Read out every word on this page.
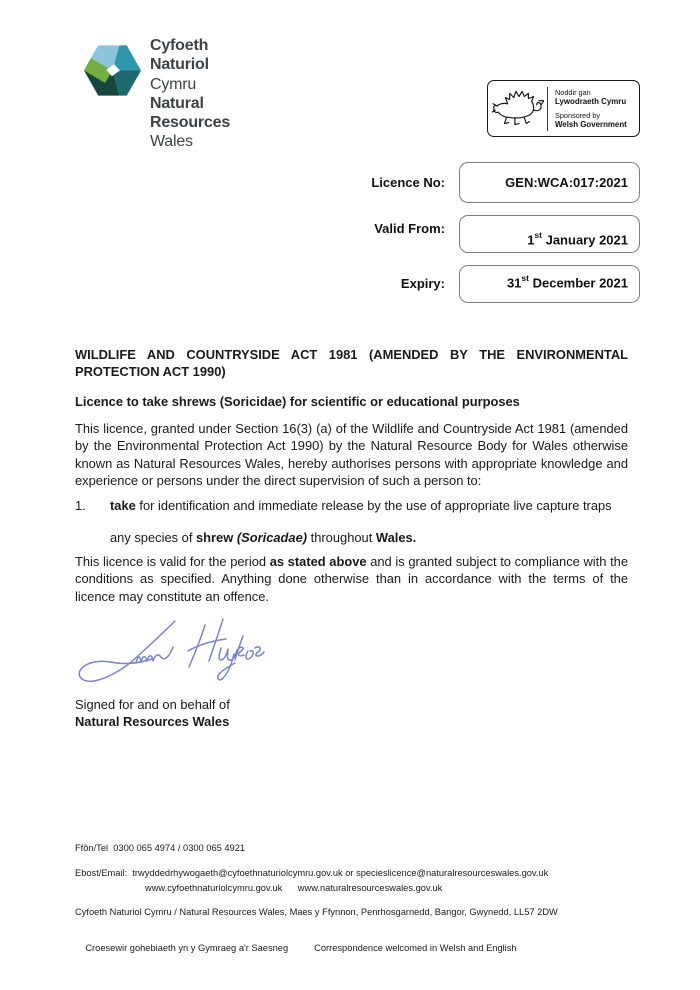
Cyfoeth
Naturiol
Cymru
Natural
Resources
Wales
Noddir gan
Lywodraeth Cymru
Sponsored by
Welsh Government
Licence No:	GEN:WCA:017:2021
Valid From:
1st January 2021
Expiry:	31st December 2021
WILDLIFE AND COUNTRYSIDE ACT 1981 (AMENDED BY THE ENVIRONMENTAL PROTECTION ACT 1990)
Licence to take shrews (Soricidae) for scientific or educational purposes

This licence, granted under Section 16(3) (a) of the Wildlife and Countryside Act 1981 (amended by the Environmental Protection Act 1990) by the Natural Resource Body for Wales otherwise known as Natural Resources Wales, hereby authorises persons with appropriate knowledge and experience or persons under the direct supervision of such a person to:

1. take for identification and immediate release by the use of appropriate live capture traps
any species of shrew (Soricadae) throughout Wales.

This licence is valid for the period as stated above and is granted subject to compliance with the conditions as specified. Anything done otherwise than in accordance with the terms of the licence may constitute an offence.

Signed for and on behalf of
Natural Resources Wales
Ffôn/Tel  0300 065 4974 / 0300 065 4921
Ebost/Email:  trwyddedrhywogaeth@cyfoethnaturiolcymru.gov.uk or specieslicence@naturalresourceswales.gov.uk
www.cyfoethnaturiolcymru.gov.uk      www.naturalresourceswales.gov.uk
Cyfoeth Naturiol Cymru / Natural Resources Wales, Maes y Ffynnon, Penrhosgarnedd, Bangor, Gwynedd, LL57 2DW

Croesewir gohebiaeth yn y Gymraeg a'r Saesneg	Correspondence welcomed in Welsh and English
